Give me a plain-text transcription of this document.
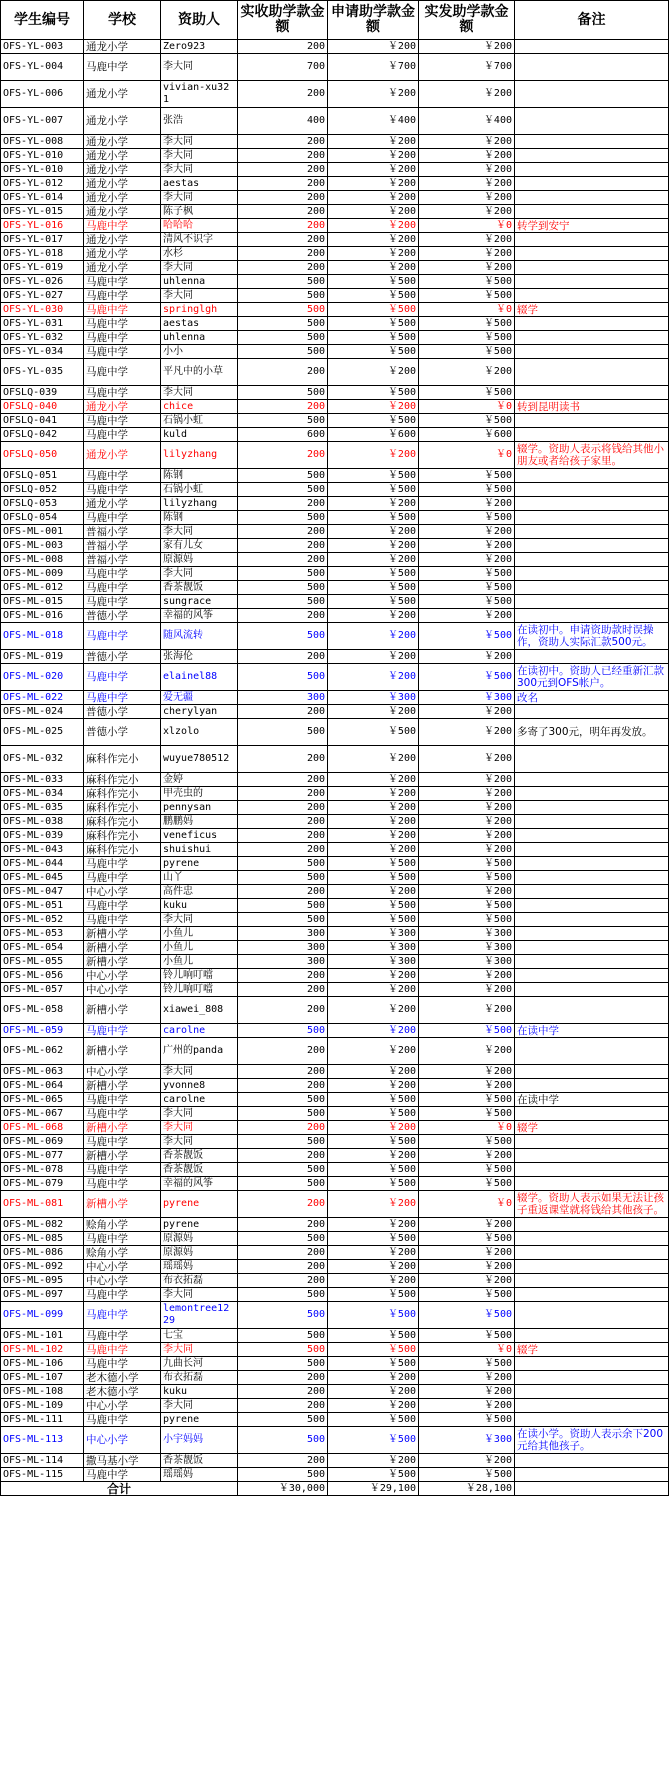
学生编号	学校	资助人	实收助学款金额	申请助学款金额	实发助学款金额	备注
OFS-YL-003	通龙小学	Zero923	200	￥200	￥200	
OFS-YL-004	马鹿中学	李大同	700	￥700	￥700	
OFS-YL-006	通龙小学	vivian-xu321	200	￥200	￥200	
OFS-YL-007	通龙小学	张浩	400	￥400	￥400	
OFS-YL-008	通龙小学	李大同	200	￥200	￥200	
OFS-YL-010	通龙小学	李大同	200	￥200	￥200	
OFS-YL-010	通龙小学	李大同	200	￥200	￥200	
OFS-YL-012	通龙小学	aestas	200	￥200	￥200	
OFS-YL-014	通龙小学	李大同	200	￥200	￥200	
OFS-YL-015	通龙小学	陈子枫	200	￥200	￥200	
OFS-YL-016	马鹿中学	哈哈哈	200	￥200	￥0	转学到安宁
OFS-YL-017	通龙小学	清风不识字	200	￥200	￥200	
OFS-YL-018	通龙小学	水杉	200	￥200	￥200	
OFS-YL-019	通龙小学	李大同	200	￥200	￥200	
OFS-YL-026	马鹿中学	uhlenna	500	￥500	￥500	
OFS-YL-027	马鹿中学	李大同	500	￥500	￥500	
OFS-YL-030	马鹿中学	springlgh	500	￥500	￥0	辍学
OFS-YL-031	马鹿中学	aestas	500	￥500	￥500	
OFS-YL-032	马鹿中学	uhlenna	500	￥500	￥500	
OFS-YL-034	马鹿中学	小小	500	￥500	￥500	
OFS-YL-035	马鹿中学	平凡中的小草	200	￥200	￥200	
OFSLQ-039	马鹿中学	李大同	500	￥500	￥500	
OFSLQ-040	通龙小学	chice	200	￥200	￥0	转到昆明读书
OFSLQ-041	马鹿中学	石锅小虹	500	￥500	￥500	
OFSLQ-042	马鹿中学	kuld	600	￥600	￥600	
OFSLQ-050	通龙小学	lilyzhang	200	￥200	￥0	辍学。资助人表示将钱给其他小朋友或者给孩子家里。
OFSLQ-051	马鹿中学	陈钢	500	￥500	￥500	
OFSLQ-052	马鹿中学	石锅小虹	500	￥500	￥500	
OFSLQ-053	通龙小学	lilyzhang	200	￥200	￥200	
OFSLQ-054	马鹿中学	陈钢	500	￥500	￥500	
OFS-ML-001	普福小学	李大同	200	￥200	￥200	
OFS-ML-003	普福小学	家有儿女	200	￥200	￥200	
OFS-ML-008	普福小学	原源妈	200	￥200	￥200	
OFS-ML-009	马鹿中学	李大同	500	￥500	￥500	
OFS-ML-012	马鹿中学	香茶靓饭	500	￥500	￥500	
OFS-ML-015	马鹿中学	sungrace	500	￥500	￥500	
OFS-ML-016	普德小学	幸福的风筝	200	￥200	￥200	
OFS-ML-018	马鹿中学	随风流转	500	￥200	￥500	在读初中。申请资助款时误操作，资助人实际汇款500元。
OFS-ML-019	普德小学	张海伦	200	￥200	￥200	
OFS-ML-020	马鹿中学	elainel88	500	￥200	￥500	在读初中。资助人已经重新汇款300元到OFS帐户。
OFS-ML-022	马鹿中学	爱无疆	300	￥300	￥300	改名
OFS-ML-024	普德小学	cherylyan	200	￥200	￥200	
OFS-ML-025	普德小学	xlzolo	500	￥500	￥200	多寄了300元，明年再发放。
OFS-ML-032	麻科作完小	wuyue780512	200	￥200	￥200	
OFS-ML-033	麻科作完小	金婷	200	￥200	￥200	
OFS-ML-034	麻科作完小	甲壳虫的	200	￥200	￥200	
OFS-ML-035	麻科作完小	pennysan	200	￥200	￥200	
OFS-ML-038	麻科作完小	鹏鹏妈	200	￥200	￥200	
OFS-ML-039	麻科作完小	veneficus	200	￥200	￥200	
OFS-ML-043	麻科作完小	shuishui	200	￥200	￥200	
OFS-ML-044	马鹿中学	pyrene	500	￥500	￥500	
OFS-ML-045	马鹿中学	山丫	500	￥500	￥500	
OFS-ML-047	中心小学	高件忠	200	￥200	￥200	
OFS-ML-051	马鹿中学	kuku	500	￥500	￥500	
OFS-ML-052	马鹿中学	李大同	500	￥500	￥500	
OFS-ML-053	新槽小学	小鱼儿	300	￥300	￥300	
OFS-ML-054	新槽小学	小鱼儿	300	￥300	￥300	
OFS-ML-055	新槽小学	小鱼儿	300	￥300	￥300	
OFS-ML-056	中心小学	铃儿响叮噹	200	￥200	￥200	
OFS-ML-057	中心小学	铃儿响叮噹	200	￥200	￥200	
OFS-ML-058	新槽小学	xiawei_808	200	￥200	￥200	
OFS-ML-059	马鹿中学	carolne	500	￥200	￥500	在读中学
OFS-ML-062	新槽小学	广州的panda	200	￥200	￥200	
OFS-ML-063	中心小学	李大同	200	￥200	￥200	
OFS-ML-064	新槽小学	yvonne8	200	￥200	￥200	
OFS-ML-065	马鹿中学	carolne	500	￥500	￥500	在读中学
OFS-ML-067	马鹿中学	李大同	500	￥500	￥500	
OFS-ML-068	新槽小学	李大同	200	￥200	￥0	辍学
OFS-ML-069	马鹿中学	李大同	500	￥500	￥500	
OFS-ML-077	新槽小学	香茶靓饭	200	￥200	￥200	
OFS-ML-078	马鹿中学	香茶靓饭	500	￥500	￥500	
OFS-ML-079	马鹿中学	幸福的风筝	500	￥500	￥500	
OFS-ML-081	新槽小学	pyrene	200	￥200	￥0	辍学。资助人表示如果无法让孩子重返课堂就将钱给其他孩子。
OFS-ML-082	赊角小学	pyrene	200	￥200	￥200	
OFS-ML-085	马鹿中学	原源妈	500	￥500	￥500	
OFS-ML-086	赊角小学	原源妈	200	￥200	￥200	
OFS-ML-092	中心小学	瑶瑶妈	200	￥200	￥200	
OFS-ML-095	中心小学	布衣拓磊	200	￥200	￥200	
OFS-ML-097	马鹿中学	李大同	500	￥500	￥500	
OFS-ML-099	马鹿中学	lemontree1229	500	￥500	￥500	
OFS-ML-101	马鹿中学	七宝	500	￥500	￥500	
OFS-ML-102	马鹿中学	李大同	500	￥500	￥0	辍学
OFS-ML-106	马鹿中学	九曲长河	500	￥500	￥500	
OFS-ML-107	老木德小学	布衣拓磊	200	￥200	￥200	
OFS-ML-108	老木德小学	kuku	200	￥200	￥200	
OFS-ML-109	中心小学	李大同	200	￥200	￥200	
OFS-ML-111	马鹿中学	pyrene	500	￥500	￥500	
OFS-ML-113	中心小学	小宇妈妈	500	￥500	￥300	在读小学。资助人表示余下200元给其他孩子。
OFS-ML-114	撒马基小学	香茶靓饭	200	￥200	￥200	
OFS-ML-115	马鹿中学	瑶瑶妈	500	￥500	￥500	
合计			￥30,000	￥29,100	￥28,100	
